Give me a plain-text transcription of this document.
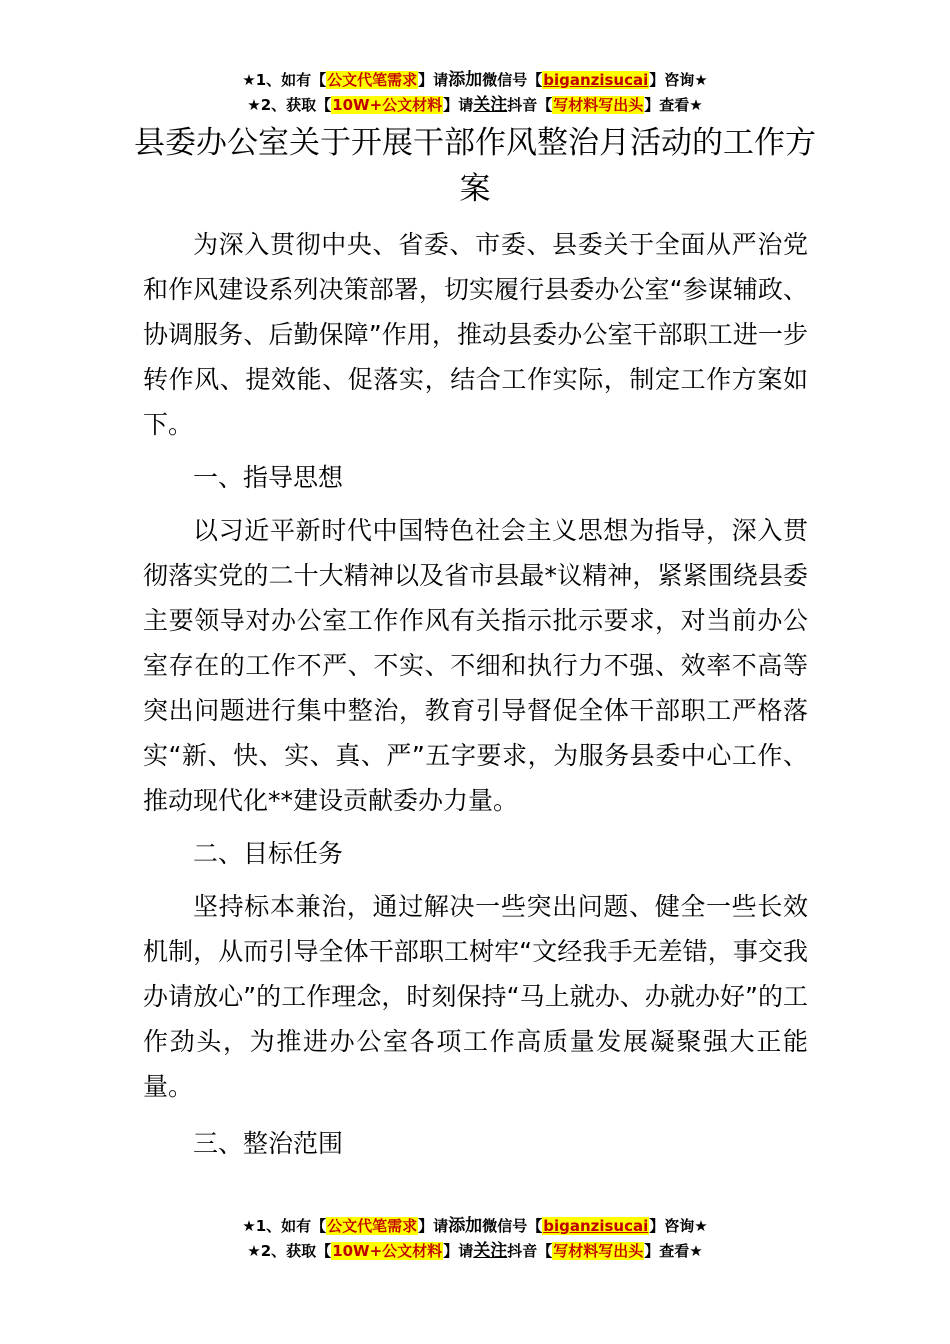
★1、如有【公文代笔需求】请添加微信号【biganzisucai】咨询★
★2、获取【10W+公文材料】请关注抖音【写材料写出头】查看★
县委办公室关于开展干部作风整治月活动的工作方案

为深入贯彻中央、省委、市委、县委关于全面从严治党和作风建设系列决策部署，切实履行县委办公室“参谋辅政、协调服务、后勤保障”作用，推动县委办公室干部职工进一步转作风、提效能、促落实，结合工作实际，制定工作方案如下。

一、指导思想

以习近平新时代中国特色社会主义思想为指导，深入贯彻落实党的二十大精神以及省市县最*议精神，紧紧围绕县委主要领导对办公室工作作风有关指示批示要求，对当前办公室存在的工作不严、不实、不细和执行力不强、效率不高等突出问题进行集中整治，教育引导督促全体干部职工严格落实“新、快、实、真、严”五字要求，为服务县委中心工作、推动现代化**建设贡献委办力量。

二、目标任务

坚持标本兼治，通过解决一些突出问题、健全一些长效机制，从而引导全体干部职工树牢“文经我手无差错，事交我办请放心”的工作理念，时刻保持“马上就办、办就办好”的工作劲头，为推进办公室各项工作高质量发展凝聚强大正能量。

三、整治范围

★1、如有【公文代笔需求】请添加微信号【biganzisucai】咨询★
★2、获取【10W+公文材料】请关注抖音【写材料写出头】查看★
